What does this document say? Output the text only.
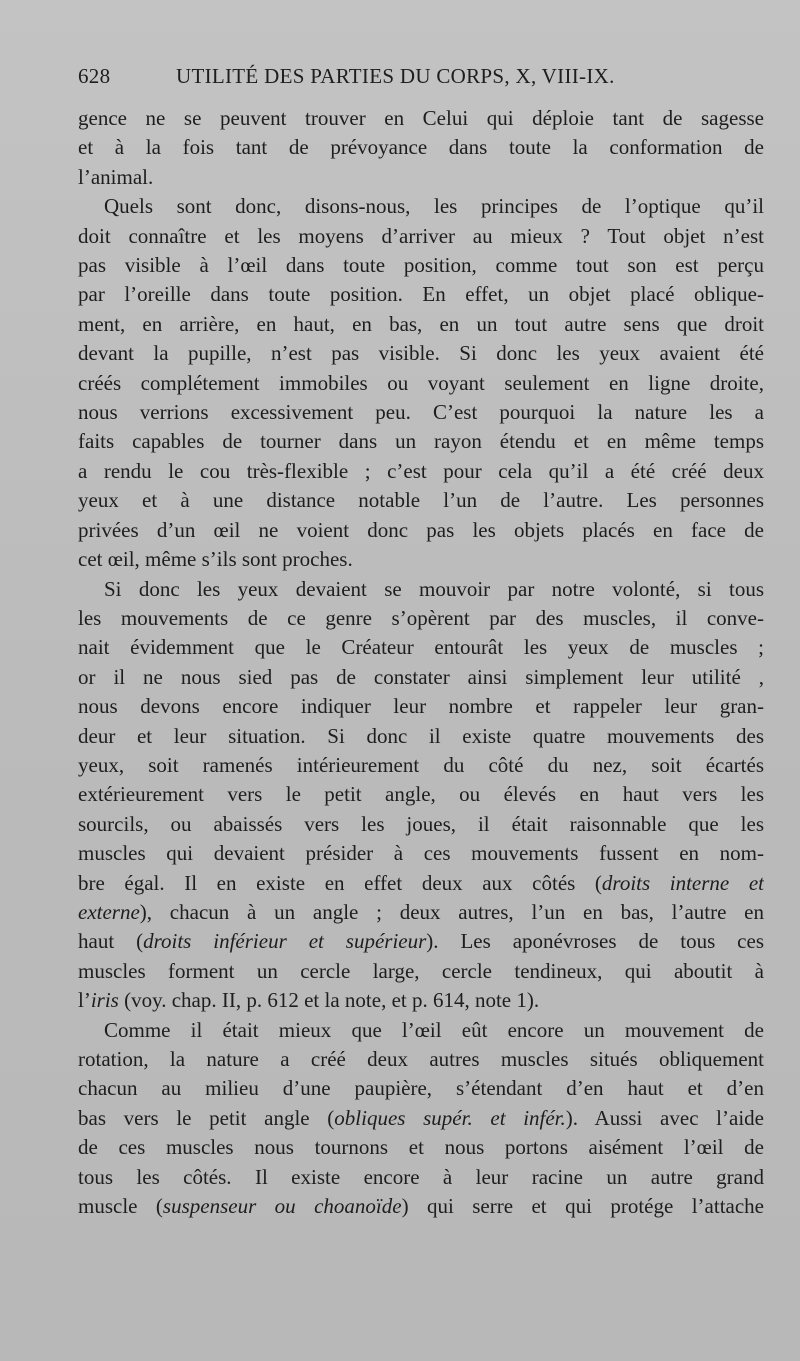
628	UTILITÉ DES PARTIES DU CORPS, X, VIII-IX.
gence ne se peuvent trouver en Celui qui déploie tant de sagesse
et à la fois tant de prévoyance dans toute la conformation de
l’animal.
Quels sont donc, disons-nous, les principes de l’optique qu’il
doit connaître et les moyens d’arriver au mieux ? Tout objet n’est
pas visible à l’œil dans toute position, comme tout son est perçu
par l’oreille dans toute position. En effet, un objet placé oblique-
ment, en arrière, en haut, en bas, en un tout autre sens que droit
devant la pupille, n’est pas visible. Si donc les yeux avaient été
créés complétement immobiles ou voyant seulement en ligne droite,
nous verrions excessivement peu. C’est pourquoi la nature les a
faits capables de tourner dans un rayon étendu et en même temps
a rendu le cou très-flexible ; c’est pour cela qu’il a été créé deux
yeux et à une distance notable l’un de l’autre. Les personnes
privées d’un œil ne voient donc pas les objets placés en face de
cet œil, même s’ils sont proches.
Si donc les yeux devaient se mouvoir par notre volonté, si tous
les mouvements de ce genre s’opèrent par des muscles, il conve-
nait évidemment que le Créateur entourât les yeux de muscles ;
or il ne nous sied pas de constater ainsi simplement leur utilité ,
nous devons encore indiquer leur nombre et rappeler leur gran-
deur et leur situation. Si donc il existe quatre mouvements des
yeux, soit ramenés intérieurement du côté du nez, soit écartés
extérieurement vers le petit angle, ou élevés en haut vers les
sourcils, ou abaissés vers les joues, il était raisonnable que les
muscles qui devaient présider à ces mouvements fussent en nom-
bre égal. Il en existe en effet deux aux côtés (droits interne et
externe), chacun à un angle ; deux autres, l’un en bas, l’autre en
haut (droits inférieur et supérieur). Les aponévroses de tous ces
muscles forment un cercle large, cercle tendineux, qui aboutit à
l’iris (voy. chap. II, p. 612 et la note, et p. 614, note 1).
Comme il était mieux que l’œil eût encore un mouvement de
rotation, la nature a créé deux autres muscles situés obliquement
chacun au milieu d’une paupière, s’étendant d’en haut et d’en
bas vers le petit angle (obliques supér. et infér.). Aussi avec l’aide
de ces muscles nous tournons et nous portons aisément l’œil de
tous les côtés. Il existe encore à leur racine un autre grand
muscle (suspenseur ou choanoïde) qui serre et qui protége l’attache
